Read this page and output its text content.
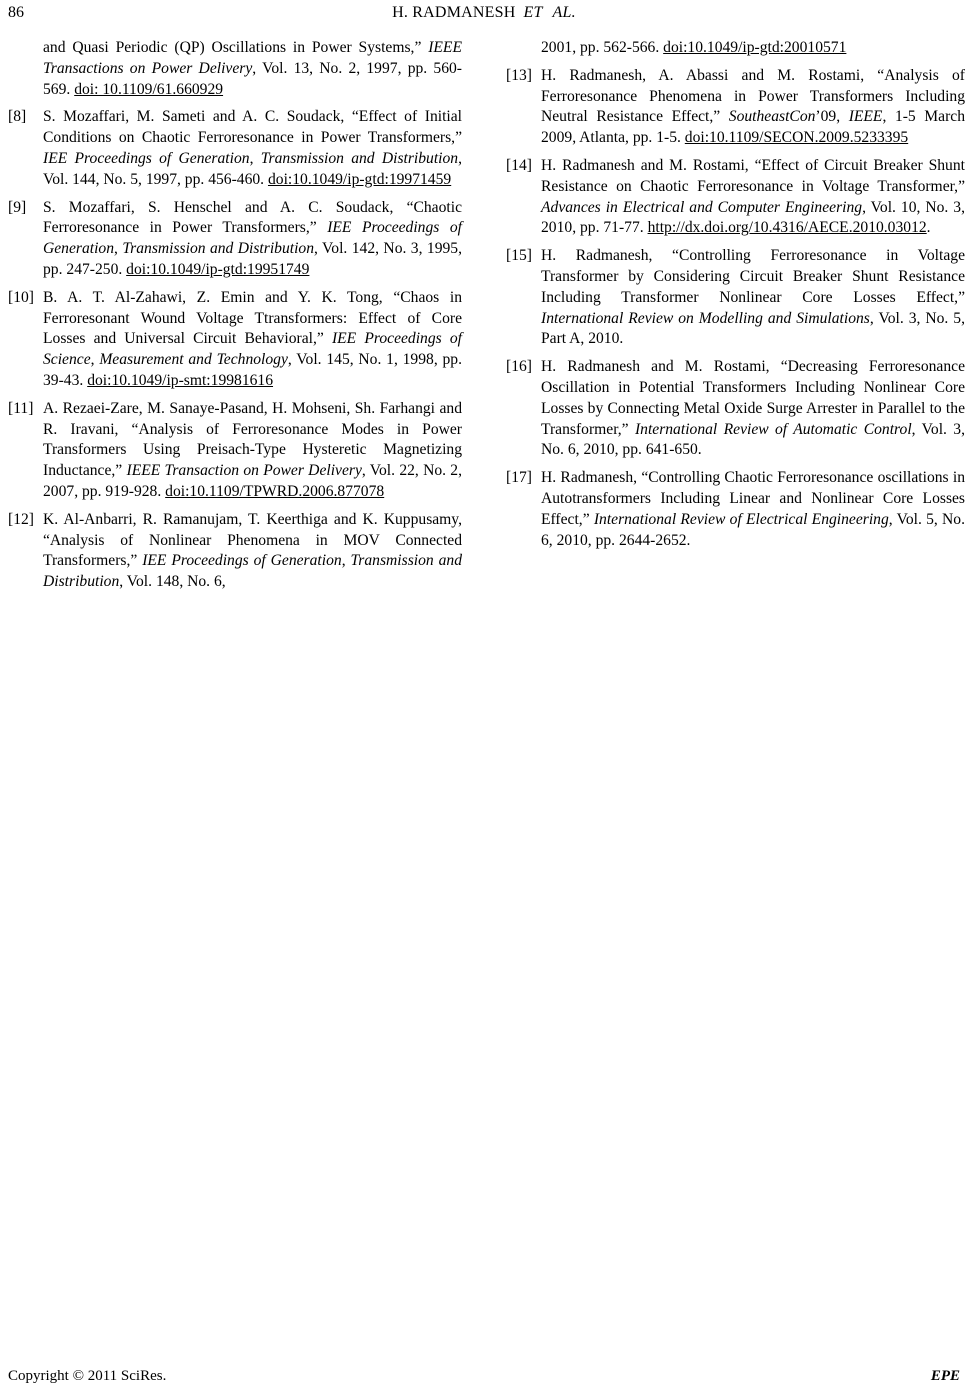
86	H. RADMANESH ET AL.
and Quasi Periodic (QP) Oscillations in Power Systems,” IEEE Transactions on Power Delivery, Vol. 13, No. 2, 1997, pp. 560-569. doi: 10.1109/61.660929
[8] S. Mozaffari, M. Sameti and A. C. Soudack, “Effect of Initial Conditions on Chaotic Ferroresonance in Power Transformers,” IEE Proceedings of Generation, Transmission and Distribution, Vol. 144, No. 5, 1997, pp. 456-460. doi:10.1049/ip-gtd:19971459
[9] S. Mozaffari, S. Henschel and A. C. Soudack, “Chaotic Ferroresonance in Power Transformers,” IEE Proceedings of Generation, Transmission and Distribution, Vol. 142, No. 3, 1995, pp. 247-250. doi:10.1049/ip-gtd:19951749
[10] B. A. T. Al-Zahawi, Z. Emin and Y. K. Tong, “Chaos in Ferroresonant Wound Voltage Ttransformers: Effect of Core Losses and Universal Circuit Behavioral,” IEE Proceedings of Science, Measurement and Technology, Vol. 145, No. 1, 1998, pp. 39-43. doi:10.1049/ip-smt:19981616
[11] A. Rezaei-Zare, M. Sanaye-Pasand, H. Mohseni, Sh. Farhangi and R. Iravani, “Analysis of Ferroresonance Modes in Power Transformers Using Preisach-Type Hysteretic Magnetizing Inductance,” IEEE Transaction on Power Delivery, Vol. 22, No. 2, 2007, pp. 919-928. doi:10.1109/TPWRD.2006.877078
[12] K. Al-Anbarri, R. Ramanujam, T. Keerthiga and K. Kuppusamy, “Analysis of Nonlinear Phenomena in MOV Connected Transformers,” IEE Proceedings of Generation, Transmission and Distribution, Vol. 148, No. 6,
2001, pp. 562-566. doi:10.1049/ip-gtd:20010571
[13] H. Radmanesh, A. Abassi and M. Rostami, “Analysis of Ferroresonance Phenomena in Power Transformers Including Neutral Resistance Effect,” SoutheastCon’09, IEEE, 1-5 March 2009, Atlanta, pp. 1-5. doi:10.1109/SECON.2009.5233395
[14] H. Radmanesh and M. Rostami, “Effect of Circuit Breaker Shunt Resistance on Chaotic Ferroresonance in Voltage Transformer,” Advances in Electrical and Computer Engineering, Vol. 10, No. 3, 2010, pp. 71-77. http://dx.doi.org/10.4316/AECE.2010.03012.
[15] H. Radmanesh, “Controlling Ferroresonance in Voltage Transformer by Considering Circuit Breaker Shunt Resistance Including Transformer Nonlinear Core Losses Effect,” International Review on Modelling and Simulations, Vol. 3, No. 5, Part A, 2010.
[16] H. Radmanesh and M. Rostami, “Decreasing Ferroresonance Oscillation in Potential Transformers Including Nonlinear Core Losses by Connecting Metal Oxide Surge Arrester in Parallel to the Transformer,” International Review of Automatic Control, Vol. 3, No. 6, 2010, pp. 641-650.
[17] H. Radmanesh, “Controlling Chaotic Ferroresonance oscillations in Autotransformers Including Linear and Nonlinear Core Losses Effect,” International Review of Electrical Engineering, Vol. 5, No. 6, 2010, pp. 2644-2652.
Copyright © 2011 SciRes.	EPE
